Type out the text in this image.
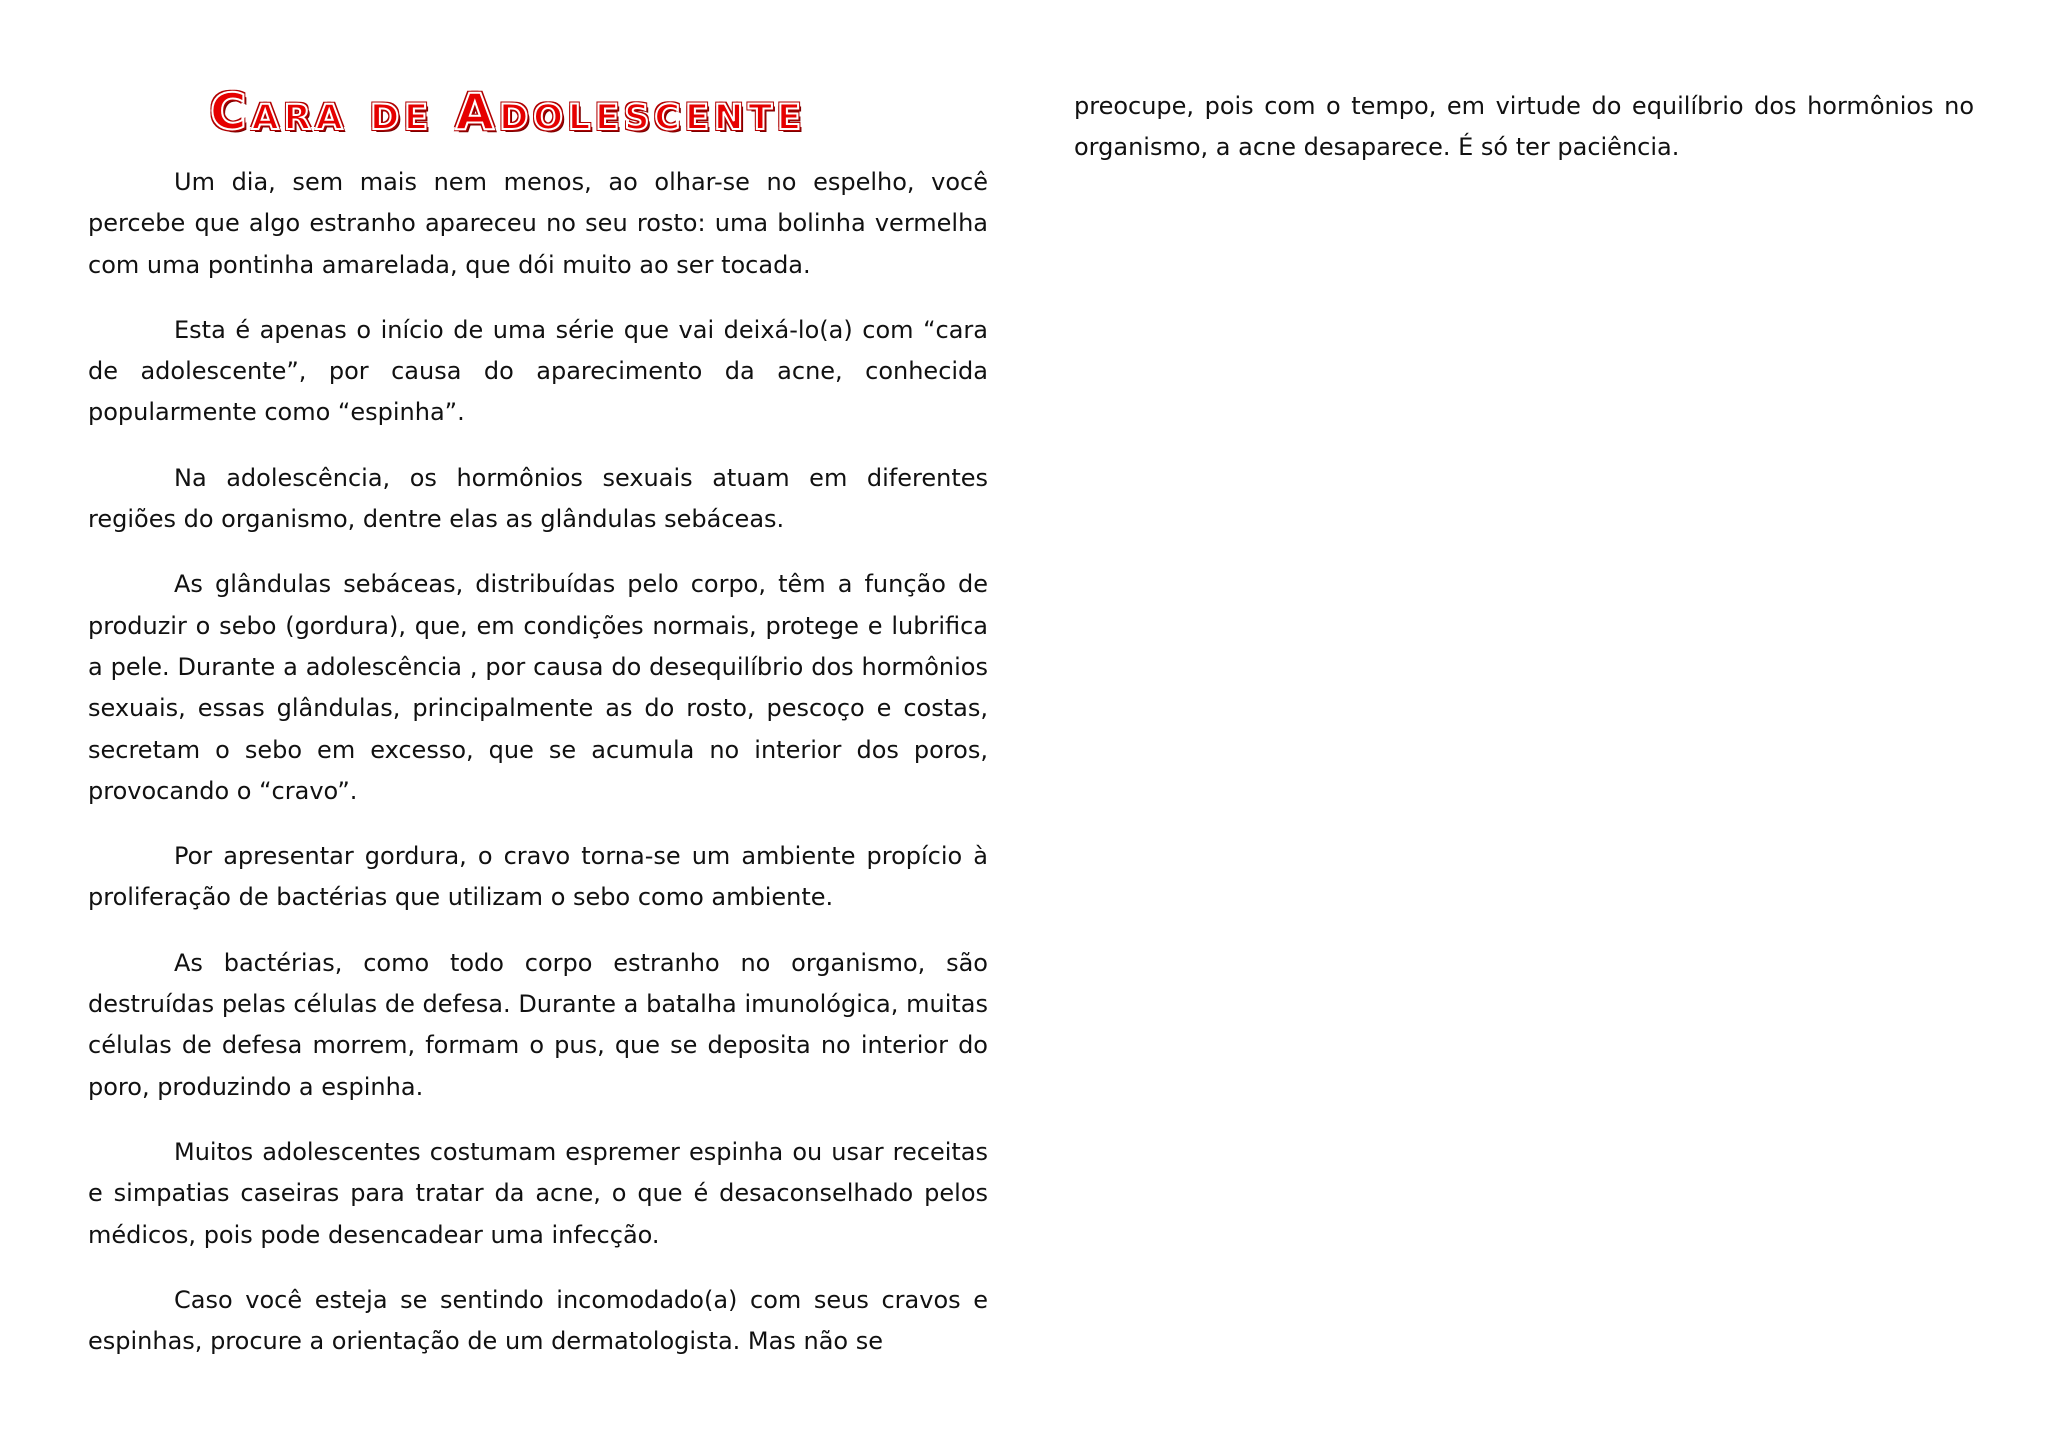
Cara de Adolescente

Um dia, sem mais nem menos, ao olhar-se no espelho, você percebe que algo estranho apareceu no seu rosto: uma bolinha vermelha com uma pontinha amarelada, que dói muito ao ser tocada.

Esta é apenas o início de uma série que vai deixá-lo(a) com “cara de adolescente”, por causa do aparecimento da acne, conhecida popularmente como “espinha”.

Na adolescência, os hormônios sexuais atuam em diferentes regiões do organismo, dentre elas as glândulas sebáceas.

As glândulas sebáceas, distribuídas pelo corpo, têm a função de produzir o sebo (gordura), que, em condições normais, protege e lubrifica a pele. Durante a adolescência , por causa do desequilíbrio dos hormônios sexuais, essas glândulas, principalmente as do rosto, pescoço e costas, secretam o sebo em excesso, que se acumula no interior dos poros, provocando o “cravo”.

Por apresentar gordura, o cravo torna-se um ambiente propício à proliferação de bactérias que utilizam o sebo como ambiente.

As bactérias, como todo corpo estranho no organismo, são destruídas pelas células de defesa. Durante a batalha imunológica, muitas células de defesa morrem, formam o pus, que se deposita no interior do poro, produzindo a espinha.

Muitos adolescentes costumam espremer espinha ou usar receitas e simpatias caseiras para tratar da acne, o que é desaconselhado pelos médicos, pois pode desencadear uma infecção.

Caso você esteja se sentindo incomodado(a) com seus cravos e espinhas, procure a orientação de um dermatologista. Mas não se

preocupe, pois com o tempo, em virtude do equilíbrio dos hormônios no organismo, a acne desaparece. É só ter paciência.
